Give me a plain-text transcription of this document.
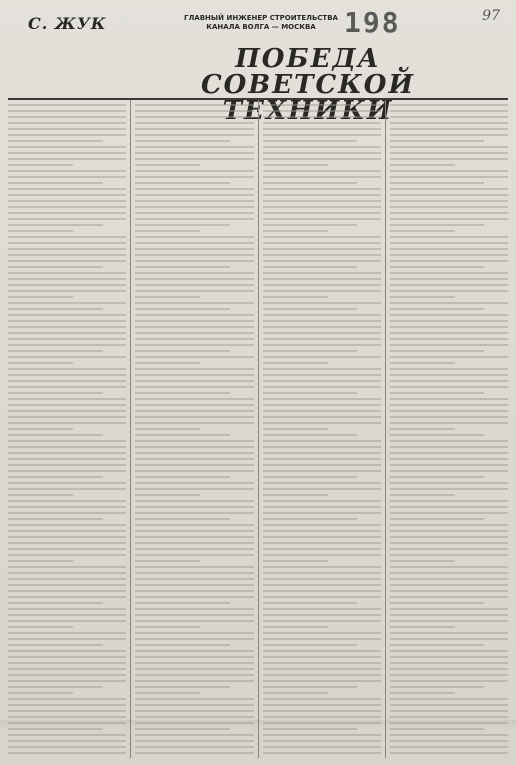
С. ЖУК	ГЛАВНЫЙ ИНЖЕНЕР СТРОИТЕЛЬСТВА
КАНАЛА ВОЛГА — МОСКВА	198	97
ПОБЕДА
СОВЕТСКОЙ ТЕХНИКИ
